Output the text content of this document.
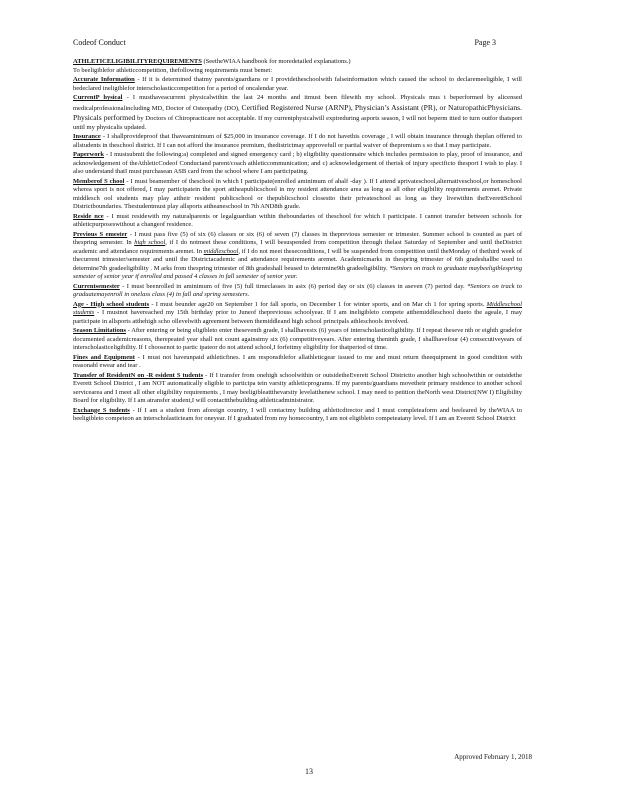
Codeof Conduct	Page 3

ATHLETICELIGIBILITYREQUIREMENTS (SeetheWIAA handbook for moredetailed explanations.)

To beeligiblefor athleticcompetition, thefollowing requirements must bemet:

Accurate Information - If it is determined thatmy parents/guardians or I providetheschoolwith falseinformation which caused the school to declaremeeligible, I will bedeclared ineligiblefor interscholasticcompetition for a period of oncalendar year.

CurrentP hysical - I musthaveacurrent physicalwithin the last 24 months and itmust been filewith my school. Physicals mus t beperformed by alicensed medicalprofessionalincluding MD, Doctor of Osteopathy (DO), Certified Registered Nurse (ARNP), Physician’s Assistant (PR), or NaturopathicPhysicians. Physicals performed by Doctors of Chiropracticare not acceptable. If my currentphysicalwill expireduring asports season, I will not beperm itted to turn outfor thatsport until my physicalis updated.

Insurance - I shallprovideproof that Ihaveaminimum of $25,000 in insurance coverage. If I do not havethis coverage , I will obtain insurance through theplan offered to allstudents in theschool district. If I can not afford the insurance premium, thedistrictmay approvefull or partial waiver of thepremium s so that I may participate.

Paperwork - I mustsubmit the following:a) completed and signed emergency card ; b) eligibility questionnaire which includes permission to play, proof of insurance, and acknowledgement of theAthleticCodeof Conductand parent/coach athleticcommunication; and c) acknowledgement of therisk of injury specificto thesport I wish to play. I also understand thatI must purchasean ASB card from the school where I am participating.

Memberof S chool - I must beamember of theschool in which I participate(enrolled aminimum of ahalf -day ). If I attend aprivateschool,alternativeschool,or homeschool wherea sport is not offered, I may participatein the sport attheapublicschool in my resident attendance area as long as all other eligibility requirements aremet. Private middlesch ool students may play attheir resident publicschool or thepublicschool closestto their privateschool as long as they livewithin theEverettSchool Districtboundaries. Thestudentmust play allsports attheaneschool in 7th AND8th grade.

Reside nce - I must residewith my naturalparents or legalguardian within theboundaries of theschool for which I participate. I cannot transfer between schools for athleticpurposeswithout a changeof residence.

Previous S emester - I must pass five (5) of six (6) classes or six (6) of seven (7) classes in theprevious semester or trimester. Summer school is counted as part of thespring semester. In high school, if I do notmeet these conditions, I will besuspended from competition through thelast Saturday of September and until theDistrict academic and attendance requirements aremet. In middleschool, if I do not meet theseconditions, I will be suspended from competition until theMonday of thethird week of thecurrent trimester/semester and until the Districtacademic and attendance requirements aremet. Academicmarks in thespring trimester of 6th gradeshallbe used to determine7th gradeeligibility . M arks from thespring trimester of 8th gradeshall beused to determine9th gradeeligibility. *Seniors on track to graduate maybeeligiblespring semester of senior year if enrolled and passed 4 classes in fall semester of senior year.

Currentsemester - I must beenrolled in aminimum of five (5) full timeclasses in asix (6) period day or six (6) classes in aseven (7) period day. *Seniors on track to graduatemayenroll in onelass class (4) in fall and spring semesters.

Age - High school students - I must beunder age20 on September 1 for fall sports, on December 1 for winter sports, and on Mar ch 1 for spring sports. Middleschool students - I mustnot havereached my 15th birthday prior to Juneof thepreviouss schoolyear. If I am ineligibleto compete atthemiddleschool dueto the ageale, I may participate in allsports atthehigh scho ollevelwith agreement between themiddleand high school principals athleschools involved.

Season Limitations - After entering or being eligibleto enter theseventh grade, I shallhavesix (6) years of interscholasticeligibility. If I repeat theseve nth or eighth gradefor documented academicreasons, therepeated year shall not count againstmy six (6) competitiveyears. After entering theninth grade, I shallhavefour (4) consecutiveyears of interscholasticeligibility. If I choosenot to partic ipateor do not attend school,I forfeitmy eligibility for thatperiod of time.

Fines and Equipment - I must not haveunpaid athleticfines. I am responsiblefor allathleticgear issued to me and must return theequipment in good condition with reasonabl ewear and tear .

Transfer of ResidentN on -R esident S tudents - If I transfer from onehigh schoolwithin or outsidetheEverett School Districtto another high schoolwithin or outsidethe Everett School District , I am NOT automatically eligible to participa tein varsity athleticprograms. If my parents/guardians movetheir primary residence to another school servicearea and I meet all other eligibility requirements , I may beeligibleattthevarsity levelatthenew school. I may need to petition theNorth west District(NW I) Eligibility Board for eligibility. If I am atransfer student,I will contacttthebuilding athleticadministrator.

Exchange S tudents - If I am a student from aforeign country, I will contactmy building athleticdirector and I must completeaform and beeleared by theWIAA to beeligibleto competeon an interscholasticteam for oneyear. If I graduated from my homecountry, I am not eligibleto competeatany level. If I am an Everett School District

Approved February 1, 2018
13
